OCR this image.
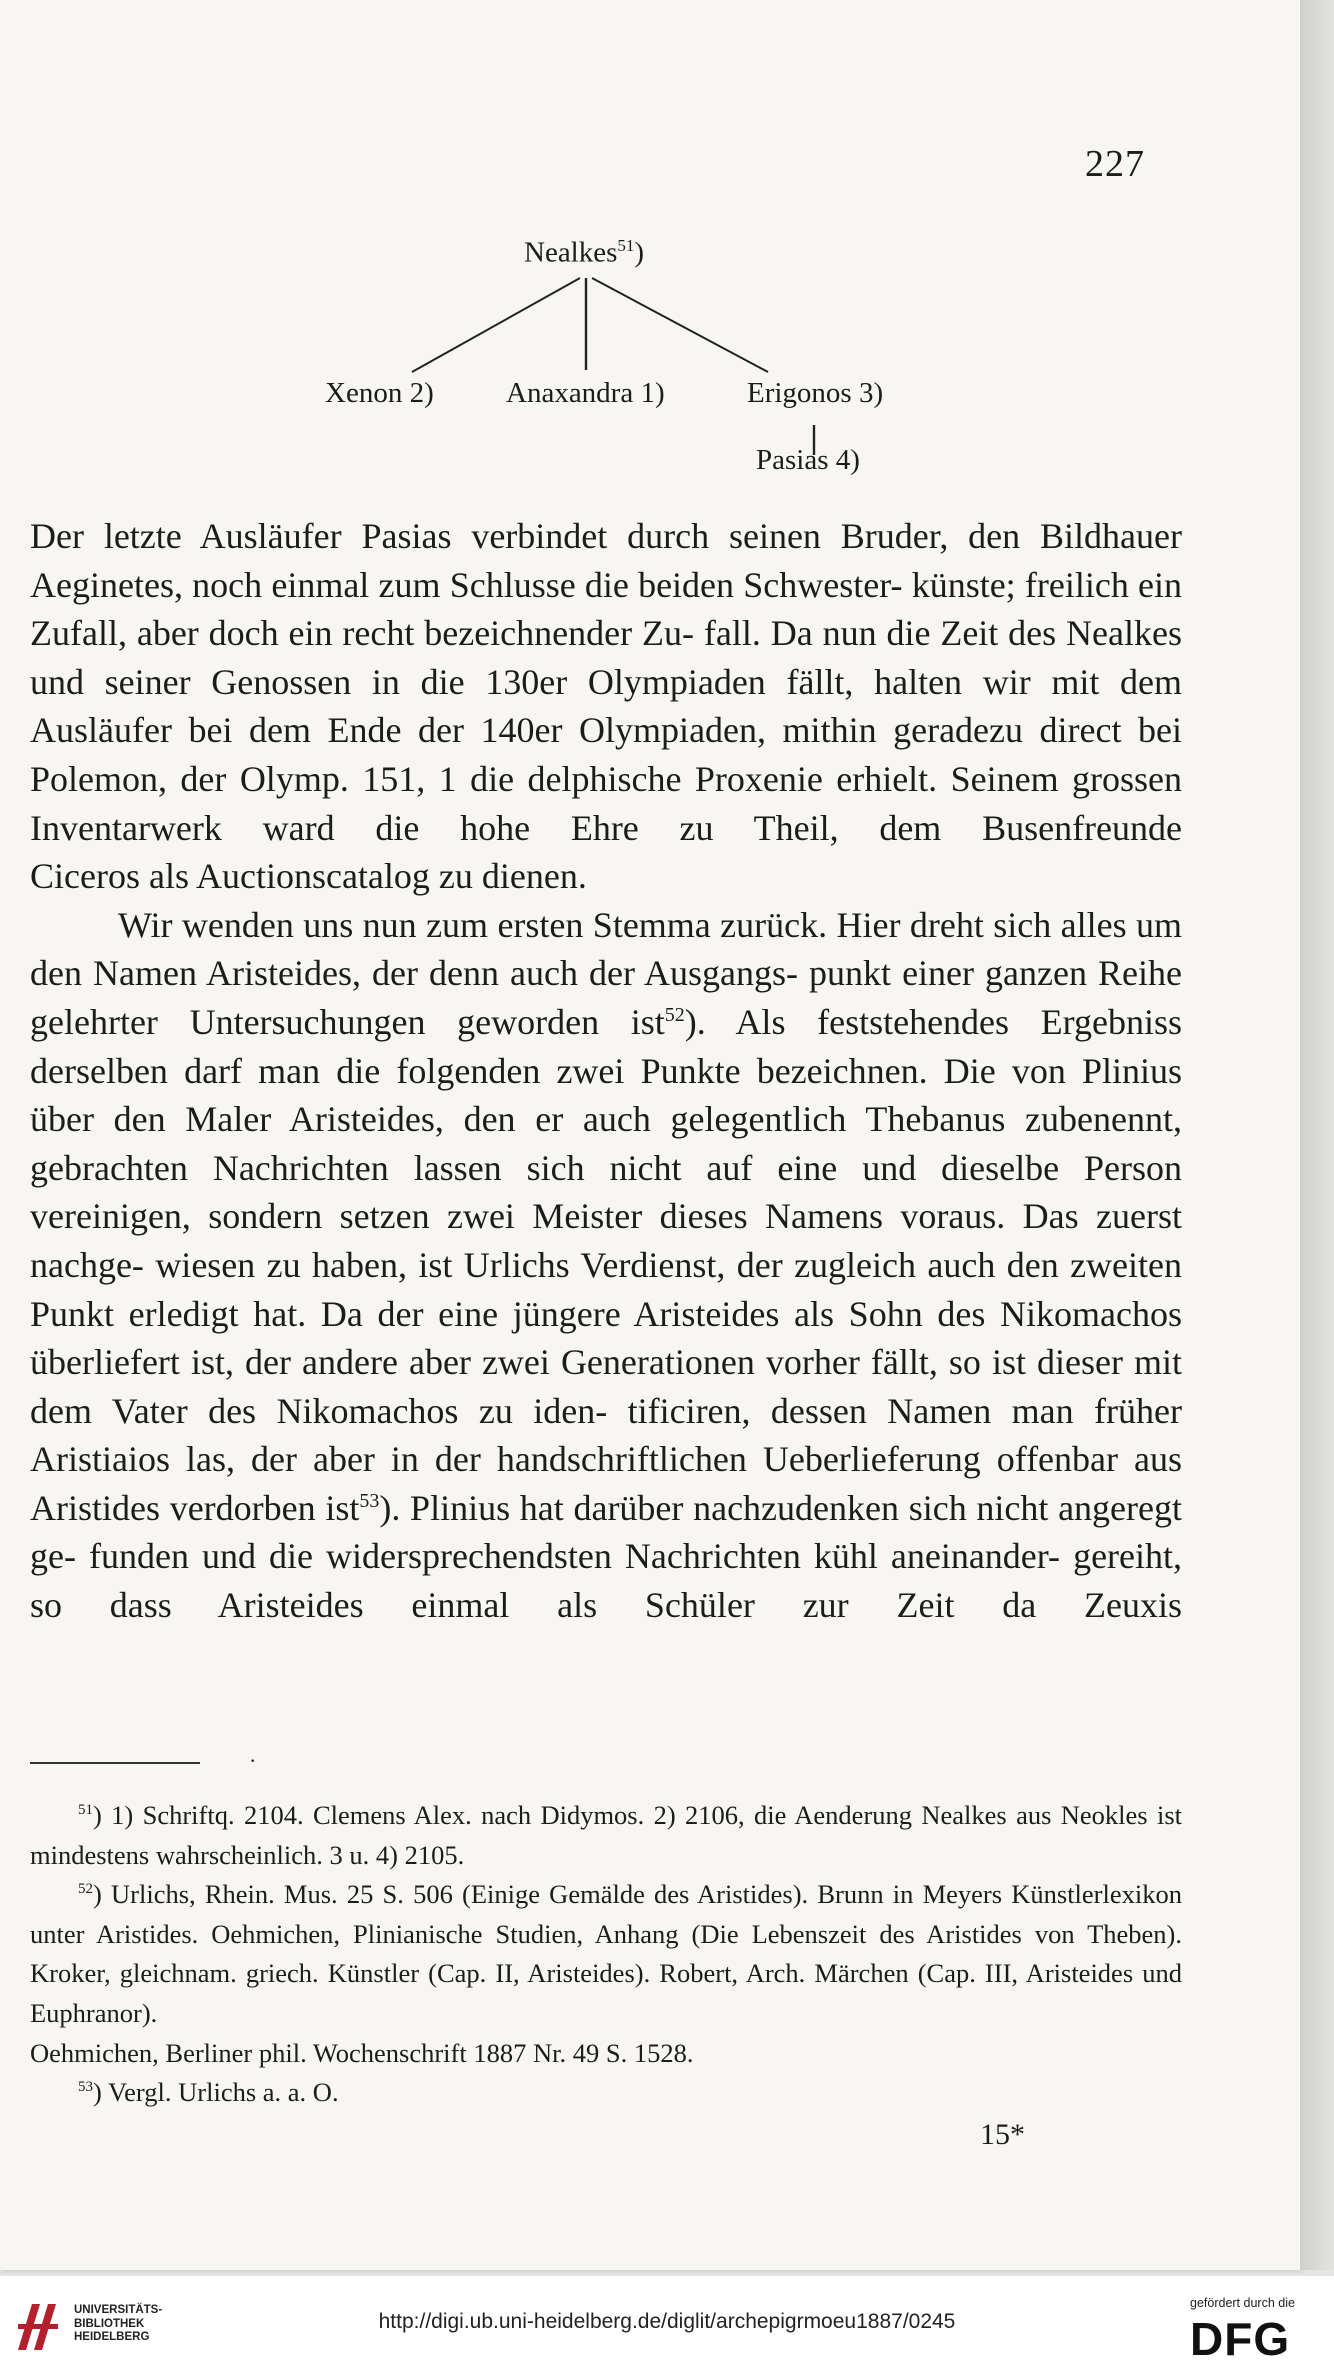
227
Nealkes$^{51}$)
Xenon 2) Anaxandra 1)	Erigonos 3)
Pasias 4)

Der letzte Ausläufer Pasias verbindet durch seinen Bruder, den Bildhauer Aeginetes, noch einmal zum Schlusse die beiden Schwester- künste; freilich ein Zufall, aber doch ein recht bezeichnender Zu- fall. Da nun die Zeit des Nealkes und seiner Genossen in die 130er Olympiaden fällt, halten wir mit dem Ausläufer bei dem Ende der 140er Olympiaden, mithin geradezu direct bei Polemon, der Olymp. 151, 1 die delphische Proxenie erhielt. Seinem grossen Inventarwerk ward die hohe Ehre zu Theil, dem Busenfreunde

Ciceros als Auctionscatalog zu dienen.

Wir wenden uns nun zum ersten Stemma zurück. Hier dreht sich alles um den Namen Aristeides, der denn auch der Ausgangs- punkt einer ganzen Reihe gelehrter Untersuchungen geworden ist$^{52}$). Als feststehendes Ergebniss derselben darf man die folgenden zwei Punkte bezeichnen. Die von Plinius über den Maler Aristeides, den er auch gelegentlich Thebanus zubenennt, gebrachten Nachrichten lassen sich nicht auf eine und dieselbe Person vereinigen, sondern setzen zwei Meister dieses Namens voraus. Das zuerst nachge- wiesen zu haben, ist Urlichs Verdienst, der zugleich auch den zweiten Punkt erledigt hat. Da der eine jüngere Aristeides als Sohn des Nikomachos überliefert ist, der andere aber zwei Generationen vorher fällt, so ist dieser mit dem Vater des Nikomachos zu iden- tificiren, dessen Namen man früher Aristiaios las, der aber in der handschriftlichen Ueberlieferung offenbar aus Aristides verdorben ist$^{53}$). Plinius hat darüber nachzudenken sich nicht angeregt ge- funden und die widersprechendsten Nachrichten kühl aneinander- gereiht, so dass Aristeides einmal als Schüler zur Zeit da Zeuxis

·

$^{51}$) 1) Schriftq. 2104. Clemens Alex. nach Didymos. 2) 2106, die Aenderung Nealkes aus Neokles ist mindestens wahrscheinlich. 3 u. 4) 2105.

$^{52}$) Urlichs, Rhein. Mus. 25 S. 506 (Einige Gemälde des Aristides). Brunn in Meyers Künstlerlexikon unter Aristides. Oehmichen, Plinianische Studien, Anhang (Die Lebenszeit des Aristides von Theben). Kroker, gleichnam. griech. Künstler (Cap. II, Aristeides). Robert, Arch. Märchen (Cap. III, Aristeides und Euphranor).

Oehmichen, Berliner phil. Wochenschrift 1887 Nr. 49 S. 1528.

$^{53}$) Vergl. Urlichs a. a. O.

15*
UNIVERSITÄTS-
BIBLIOTHEK
HEIDELBERG
http://digi.ub.uni-heidelberg.de/diglit/archepigrmoeu1887/0245
gefördert durch die
DFG
